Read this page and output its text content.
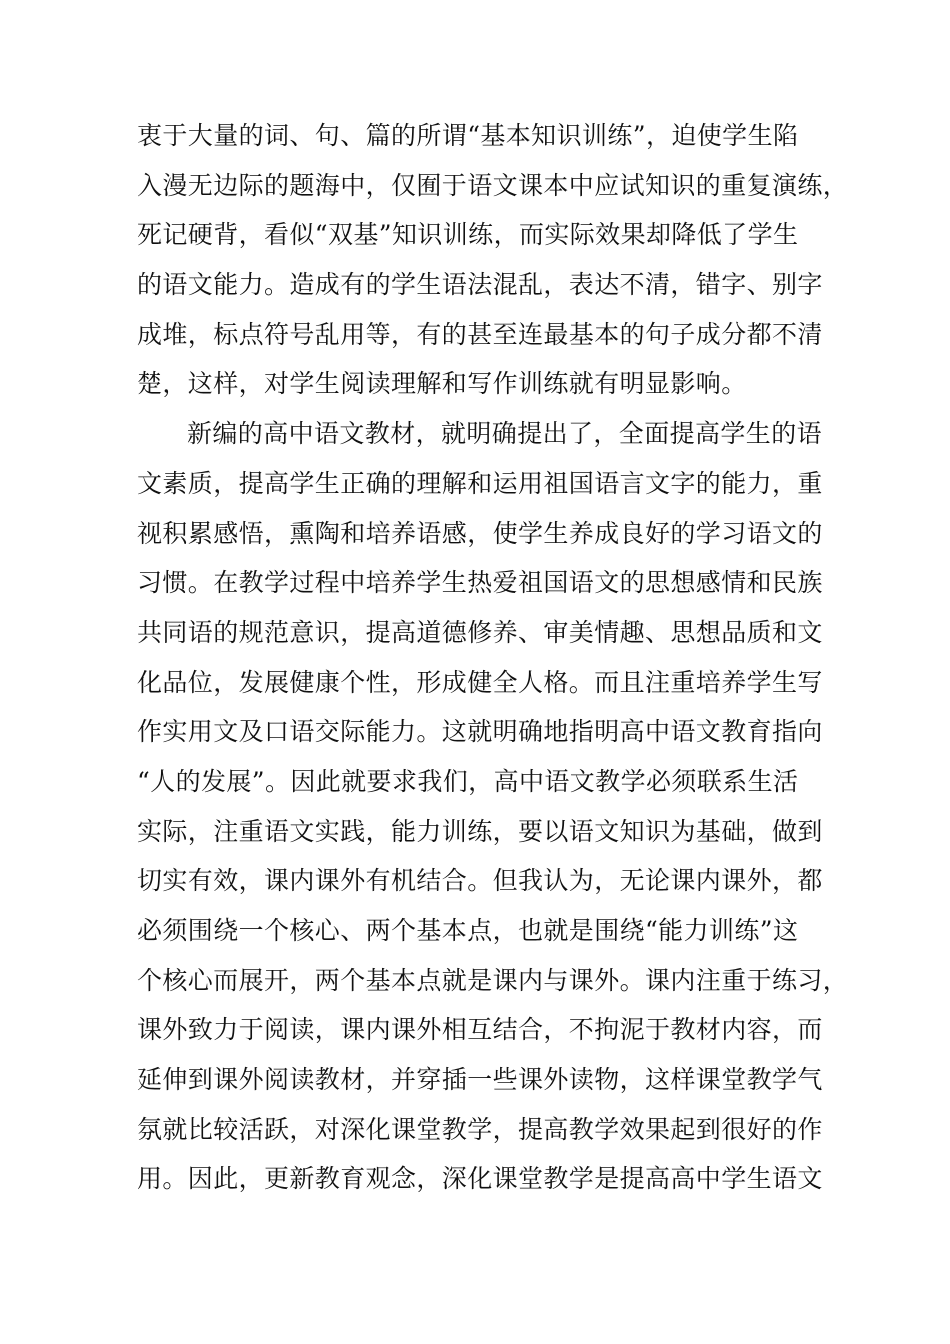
衷于大量的词、句、篇的所谓“基本知识训练”，迫使学生陷
入漫无边际的题海中，仅囿于语文课本中应试知识的重复演练，
死记硬背，看似“双基”知识训练，而实际效果却降低了学生
的语文能力。造成有的学生语法混乱，表达不清，错字、别字
成堆，标点符号乱用等，有的甚至连最基本的句子成分都不清
楚，这样，对学生阅读理解和写作训练就有明显影响。
新编的高中语文教材，就明确提出了，全面提高学生的语
文素质，提高学生正确的理解和运用祖国语言文字的能力，重
视积累感悟，熏陶和培养语感，使学生养成良好的学习语文的
习惯。在教学过程中培养学生热爱祖国语文的思想感情和民族
共同语的规范意识，提高道德修养、审美情趣、思想品质和文
化品位，发展健康个性，形成健全人格。而且注重培养学生写
作实用文及口语交际能力。这就明确地指明高中语文教育指向
“人的发展”。因此就要求我们，高中语文教学必须联系生活
实际，注重语文实践，能力训练，要以语文知识为基础，做到
切实有效，课内课外有机结合。但我认为，无论课内课外，都
必须围绕一个核心、两个基本点，也就是围绕“能力训练”这
个核心而展开，两个基本点就是课内与课外。课内注重于练习，
课外致力于阅读，课内课外相互结合，不拘泥于教材内容，而
延伸到课外阅读教材，并穿插一些课外读物，这样课堂教学气
氛就比较活跃，对深化课堂教学，提高教学效果起到很好的作
用。因此，更新教育观念，深化课堂教学是提高高中学生语文
